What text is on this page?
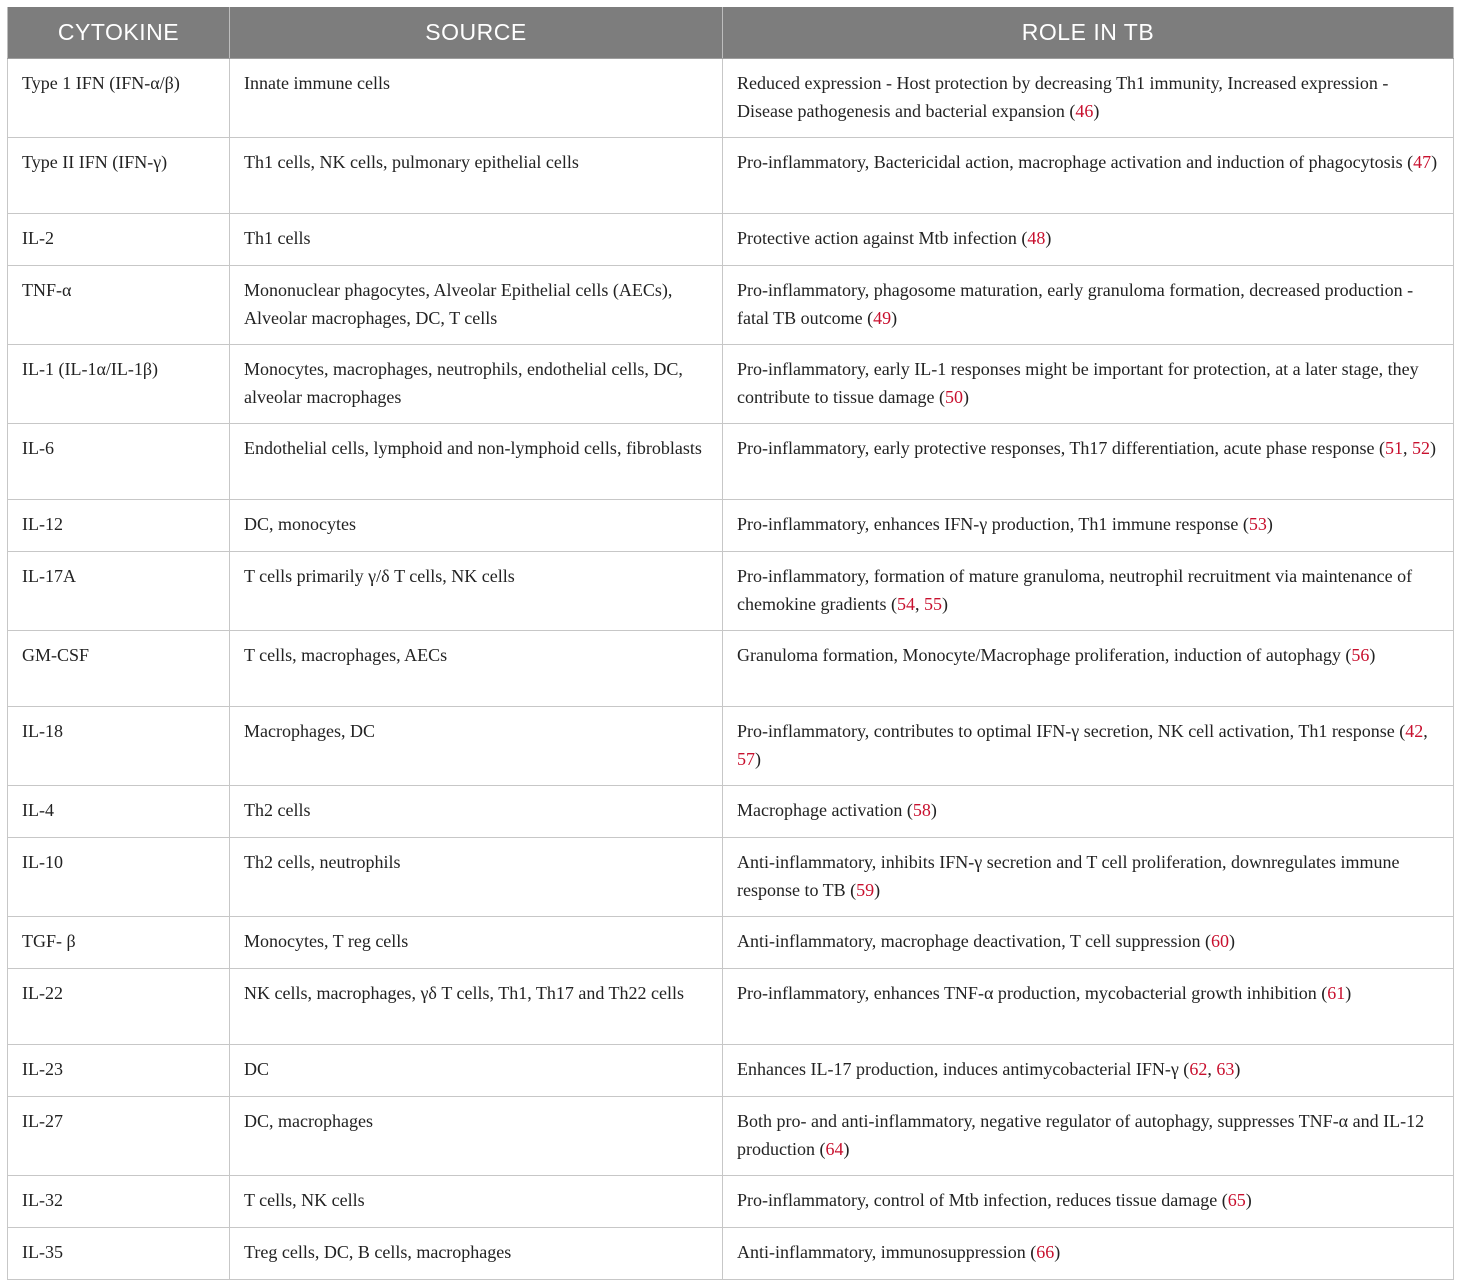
CYTOKINE	SOURCE	ROLE IN TB
Type 1 IFN (IFN-α/β)	Innate immune cells	Reduced expression - Host protection by decreasing Th1 immunity, Increased expression - Disease pathogenesis and bacterial expansion (46)
Type II IFN (IFN-γ)	Th1 cells, NK cells, pulmonary epithelial cells	Pro-inflammatory, Bactericidal action, macrophage activation and induction of phagocytosis (47)
IL-2	Th1 cells	Protective action against Mtb infection (48)
TNF-α	Mononuclear phagocytes, Alveolar Epithelial cells (AECs), Alveolar macrophages, DC, T cells	Pro-inflammatory, phagosome maturation, early granuloma formation, decreased production - fatal TB outcome (49)
IL-1 (IL-1α/IL-1β)	Monocytes, macrophages, neutrophils, endothelial cells, DC, alveolar macrophages	Pro-inflammatory, early IL-1 responses might be important for protection, at a later stage, they contribute to tissue damage (50)
IL-6	Endothelial cells, lymphoid and non-lymphoid cells, fibroblasts	Pro-inflammatory, early protective responses, Th17 differentiation, acute phase response (51, 52)
IL-12	DC, monocytes	Pro-inflammatory, enhances IFN-γ production, Th1 immune response (53)
IL-17A	T cells primarily γ/δ T cells, NK cells	Pro-inflammatory, formation of mature granuloma, neutrophil recruitment via maintenance of chemokine gradients (54, 55)
GM-CSF	T cells, macrophages, AECs	Granuloma formation, Monocyte/Macrophage proliferation, induction of autophagy (56)
IL-18	Macrophages, DC	Pro-inflammatory, contributes to optimal IFN-γ secretion, NK cell activation, Th1 response (42, 57)
IL-4	Th2 cells	Macrophage activation (58)
IL-10	Th2 cells, neutrophils	Anti-inflammatory, inhibits IFN-γ secretion and T cell proliferation, downregulates immune response to TB (59)
TGF- β	Monocytes, T reg cells	Anti-inflammatory, macrophage deactivation, T cell suppression (60)
IL-22	NK cells, macrophages, γδ T cells, Th1, Th17 and Th22 cells	Pro-inflammatory, enhances TNF-α production, mycobacterial growth inhibition (61)
IL-23	DC	Enhances IL-17 production, induces antimycobacterial IFN-γ (62, 63)
IL-27	DC, macrophages	Both pro- and anti-inflammatory, negative regulator of autophagy, suppresses TNF-α and IL-12 production (64)
IL-32	T cells, NK cells	Pro-inflammatory, control of Mtb infection, reduces tissue damage (65)
IL-35	Treg cells, DC, B cells, macrophages	Anti-inflammatory, immunosuppression (66)
